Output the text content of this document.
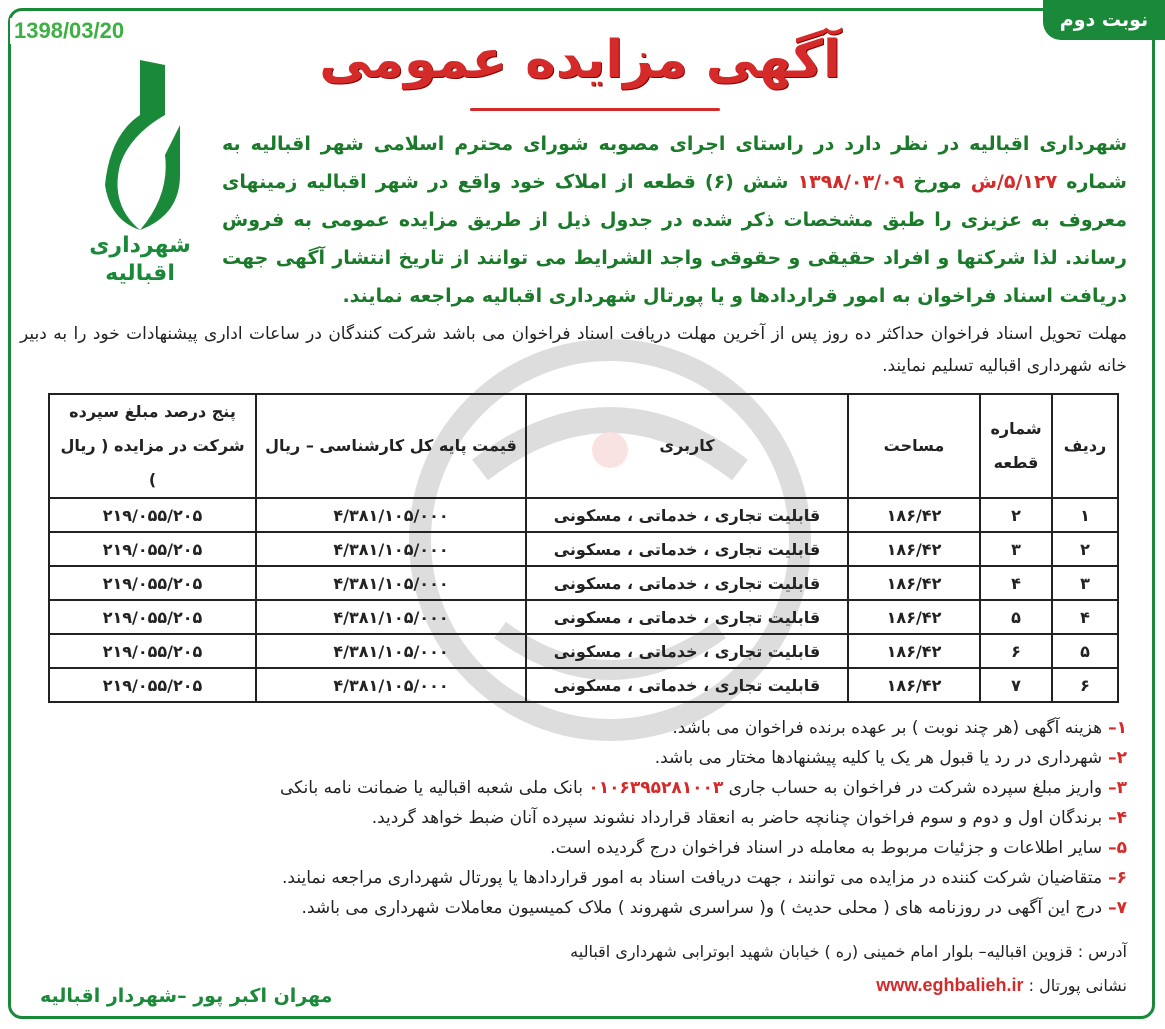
نوبت دوم
1398/03/20	آگهی مزایده عمومی
شهرداری
اقبالیه
شهرداری اقبالیه در نظر دارد در راستای اجرای مصوبه شورای محترم اسلامی شهر اقبالیه به شماره ۵/۱۲۷/ش مورخ ۱۳۹۸/۰۳/۰۹ شش (۶) قطعه از املاک خود واقع در شهر اقبالیه زمینهای معروف به عزیزی را طبق مشخصات ذکر شده در جدول ذیل از طریق مزایده عمومی به فروش رساند. لذا شرکتها و افراد حقیقی و حقوقی واجد الشرایط می توانند از تاریخ انتشار آگهی جهت دریافت اسناد فراخوان به امور قراردادها و یا پورتال شهرداری اقبالیه مراجعه نمایند.
مهلت تحویل اسناد فراخوان حداکثر ده روز پس از آخرین مهلت دریافت اسناد فراخوان می باشد شرکت کنندگان در ساعات اداری پیشنهادات خود را به دبیر خانه شهرداری اقبالیه تسلیم نمایند.
ردیف	شماره قطعه	مساحت	کاربری	قیمت پایه کل کارشناسی – ریال	پنج درصد مبلغ سپرده شرکت در مزایده ( ریال )
۱	۲	۱۸۶/۴۲	قابلیت تجاری ، خدماتی ، مسکونی	۴/۳۸۱/۱۰۵/۰۰۰	۲۱۹/۰۵۵/۲۰۵
۲	۳	۱۸۶/۴۲	قابلیت تجاری ، خدماتی ، مسکونی	۴/۳۸۱/۱۰۵/۰۰۰	۲۱۹/۰۵۵/۲۰۵
۳	۴	۱۸۶/۴۲	قابلیت تجاری ، خدماتی ، مسکونی	۴/۳۸۱/۱۰۵/۰۰۰	۲۱۹/۰۵۵/۲۰۵
۴	۵	۱۸۶/۴۲	قابلیت تجاری ، خدماتی ، مسکونی	۴/۳۸۱/۱۰۵/۰۰۰	۲۱۹/۰۵۵/۲۰۵
۵	۶	۱۸۶/۴۲	قابلیت تجاری ، خدماتی ، مسکونی	۴/۳۸۱/۱۰۵/۰۰۰	۲۱۹/۰۵۵/۲۰۵
۶	۷	۱۸۶/۴۲	قابلیت تجاری ، خدماتی ، مسکونی	۴/۳۸۱/۱۰۵/۰۰۰	۲۱۹/۰۵۵/۲۰۵
۱–هزینه آگهی (هر چند نوبت ) بر عهده برنده فراخوان می باشد.
۲–شهرداری در رد یا قبول هر یک یا کلیه پیشنهادها مختار می باشد.
۳–واریز مبلغ سپرده شرکت در فراخوان به حساب جاری ۰۱۰۶۳۹۵۲۸۱۰۰۳ بانک ملی شعبه اقبالیه یا ضمانت نامه بانکی
۴–برندگان اول و دوم و سوم فراخوان چنانچه حاضر به انعقاد قرارداد نشوند سپرده آنان ضبط خواهد گردید.
۵–سایر اطلاعات و جزئیات مربوط به معامله در اسناد فراخوان درج گردیده است.
۶–متقاضیان شرکت کننده در مزایده می توانند ، جهت دریافت اسناد به امور قراردادها یا پورتال شهرداری مراجعه نمایند.
۷–درج این آگهی در روزنامه های ( محلی حدیث ) و( سراسری شهروند ) ملاک کمیسیون معاملات شهرداری می باشد.
آدرس : قزوین اقبالیه– بلوار امام خمینی (ره ) خیابان شهید ابوترابی شهرداری اقبالیه
نشانی پورتال : www.eghbalieh.ir
مهران اکبر پور –شهردار اقبالیه
